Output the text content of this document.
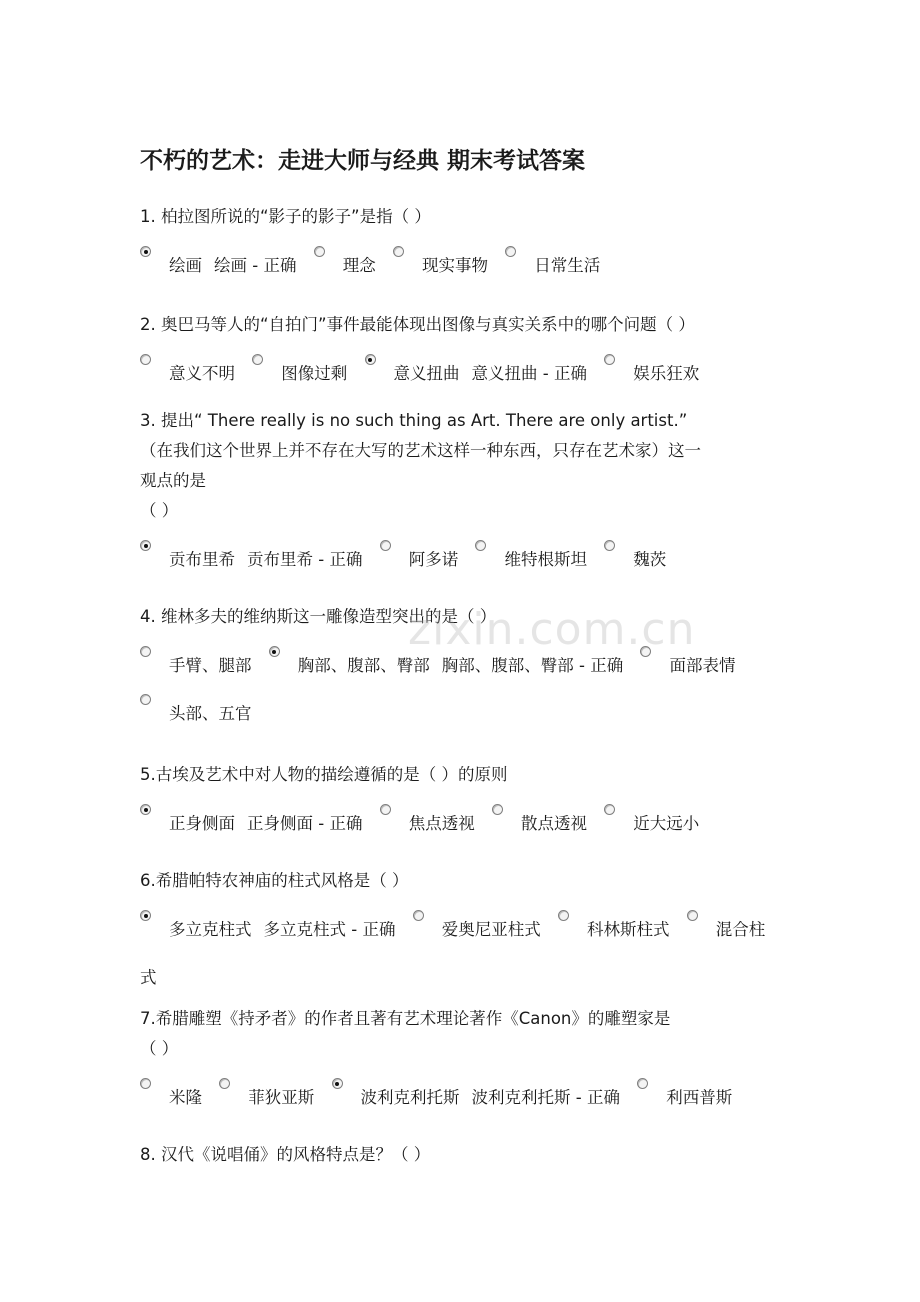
不朽的艺术：走进大师与经典 期末考试答案

1. 柏拉图所说的“影子的影子”是指（ ）

绘画 绘画 - 正确	理念	现实事物	日常生活

2. 奥巴马等人的“自拍门”事件最能体现出图像与真实关系中的哪个问题（ ）

意义不明	图像过剩	意义扭曲 意义扭曲 - 正确	娱乐狂欢

3. 提出“ There really is no such thing as Art. There are only artist.”
（在我们这个世界上并不存在大写的艺术这样一种东西，只存在艺术家）这一
观点的是
（ ）

贡布里希 贡布里希 - 正确	阿多诺	维特根斯坦	魏茨

4. 维林多夫的维纳斯这一雕像造型突出的是（ ）

手臂、腿部	胸部、腹部、臀部 胸部、腹部、臀部 - 正确	面部表情 头部、五官

5.古埃及艺术中对人物的描绘遵循的是（ ）的原则

正身侧面 正身侧面 - 正确	焦点透视	散点透视	近大远小

6.希腊帕特农神庙的柱式风格是（ ）

多立克柱式 多立克柱式 - 正确	爱奥尼亚柱式	科林斯柱式	混合柱式

7.希腊雕塑《持矛者》的作者且著有艺术理论著作《Canon》的雕塑家是
（ ）

米隆	菲狄亚斯	波利克利托斯 波利克利托斯 - 正确	利西普斯

8. 汉代《说唱俑》的风格特点是？（ ）

zixin.com.cn
